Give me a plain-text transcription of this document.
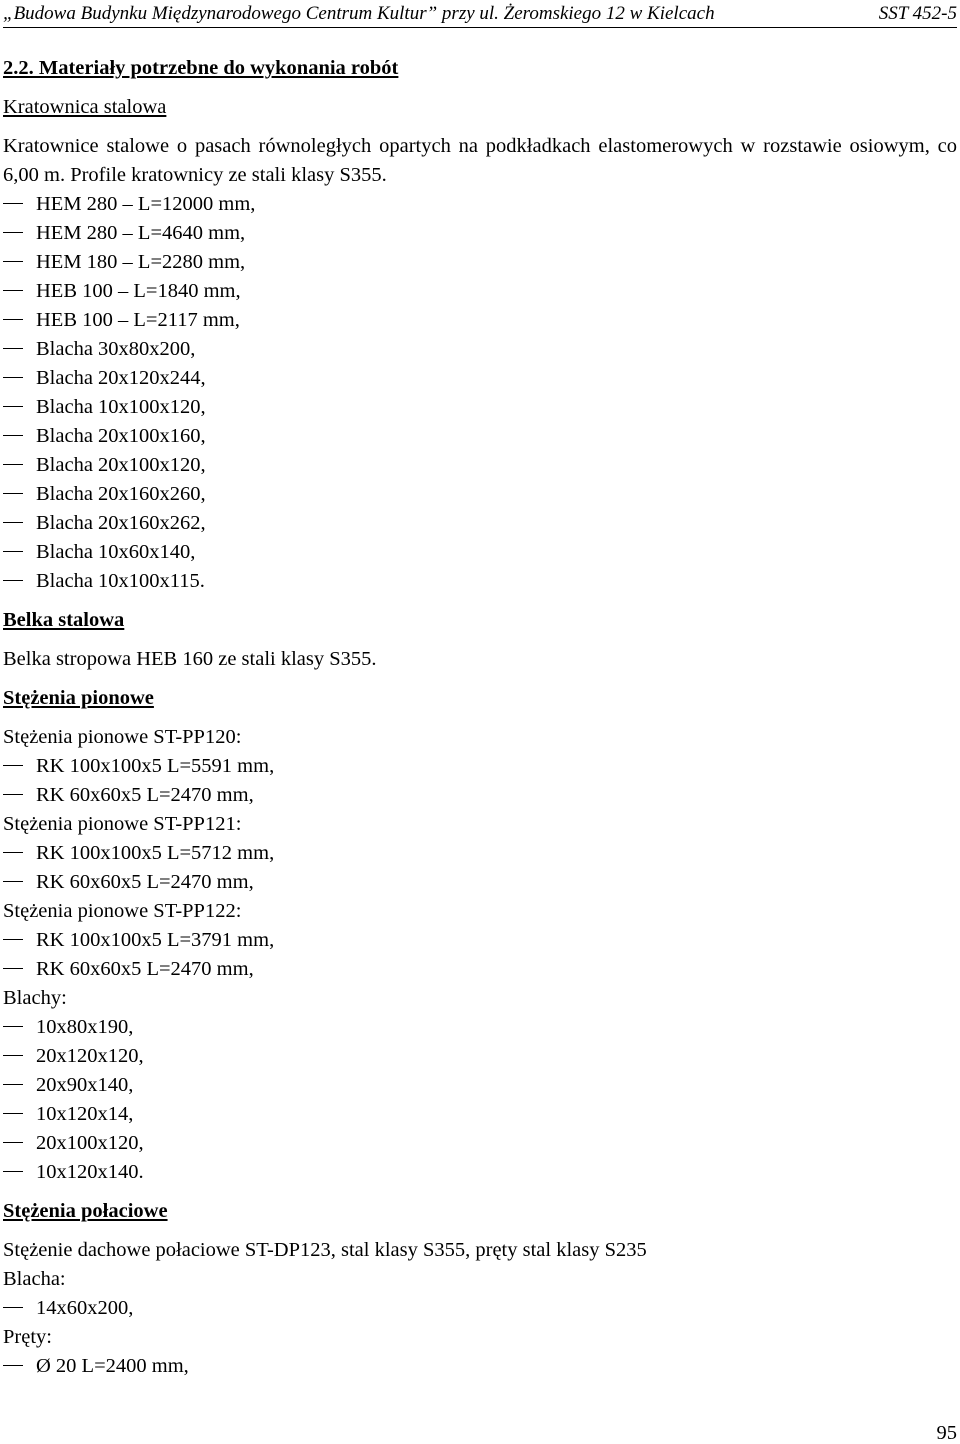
„Budowa Budynku Międzynarodowego Centrum Kultur” przy ul. Żeromskiego 12 w Kielcach	SST 452-5
2.2. Materiały potrzebne do wykonania robót
Kratownica stalowa
Kratownice stalowe o pasach równoległych opartych na podkładkach elastomerowych w rozstawie osiowym, co 6,00 m. Profile kratownicy ze stali klasy S355.
HEM 280 – L=12000 mm,
HEM 280 – L=4640 mm,
HEM 180 – L=2280 mm,
HEB 100 – L=1840 mm,
HEB 100 – L=2117 mm,
Blacha 30x80x200,
Blacha 20x120x244,
Blacha 10x100x120,
Blacha 20x100x160,
Blacha 20x100x120,
Blacha 20x160x260,
Blacha 20x160x262,
Blacha 10x60x140,
Blacha 10x100x115.
Belka stalowa
Belka stropowa HEB 160 ze stali klasy S355.
Stężenia pionowe
Stężenia pionowe ST-PP120:
RK 100x100x5 L=5591 mm,
RK 60x60x5 L=2470 mm,
Stężenia pionowe ST-PP121:
RK 100x100x5 L=5712 mm,
RK 60x60x5 L=2470 mm,
Stężenia pionowe ST-PP122:
RK 100x100x5 L=3791 mm,
RK 60x60x5 L=2470 mm,
Blachy:
10x80x190,
20x120x120,
20x90x140,
10x120x14,
20x100x120,
10x120x140.
Stężenia połaciowe
Stężenie dachowe połaciowe ST-DP123, stal klasy S355, pręty stal klasy S235
Blacha:
14x60x200,
Pręty:
Ø 20 L=2400 mm,
95
